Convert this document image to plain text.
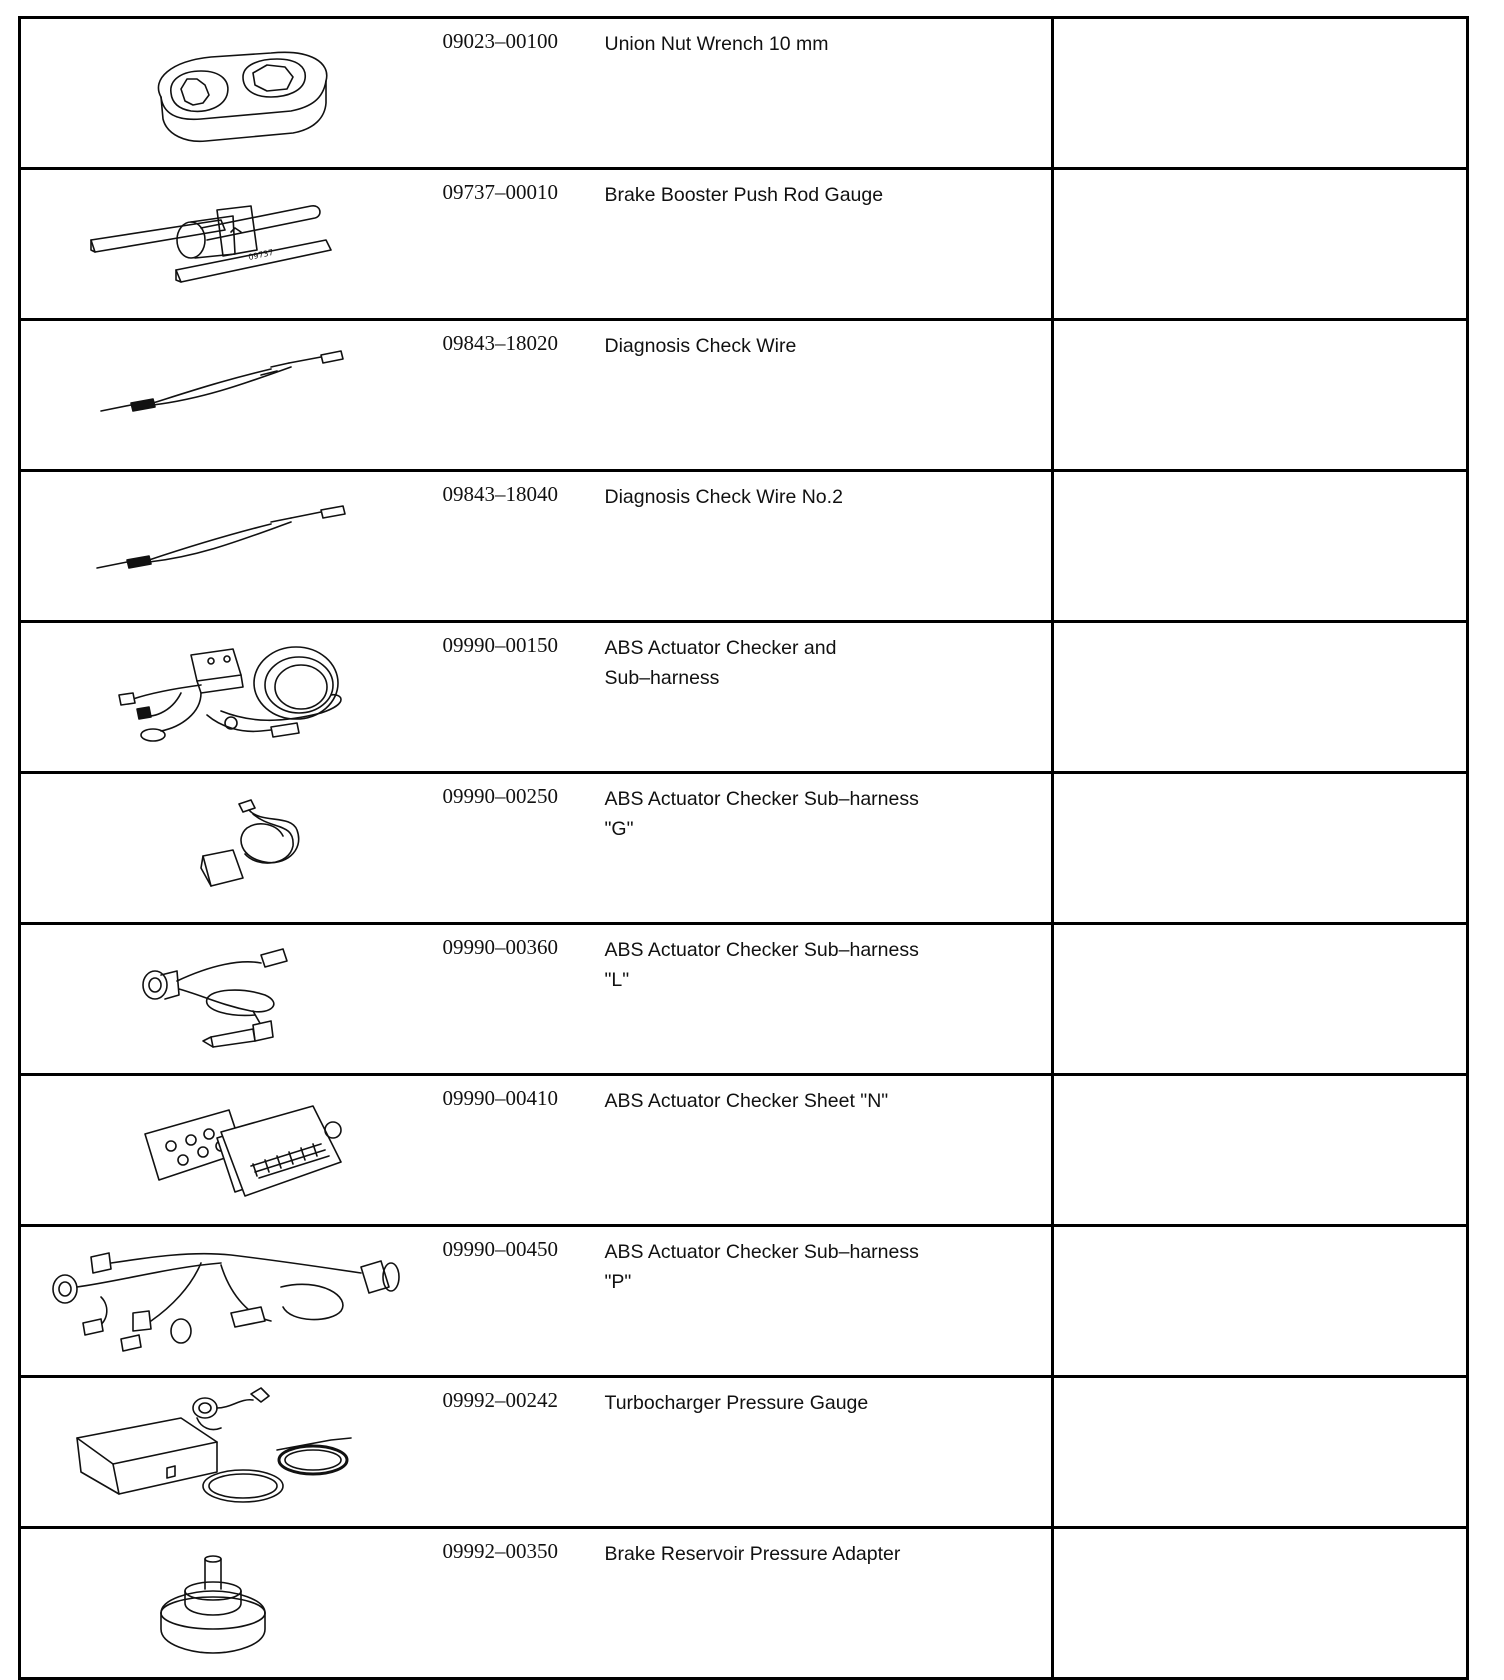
	09023–00100	Union Nut Wrench 10 mm	

09737	09737–00010	Brake Booster Push Rod Gauge	

	09843–18020	Diagnosis Check Wire	

	09843–18040	Diagnosis Check Wire No.2	

	09990–00150	ABS Actuator Checker and
Sub–harness	

	09990–00250	ABS Actuator Checker Sub–harness
"G"	

	09990–00360	ABS Actuator Checker Sub–harness
"L"	

	09990–00410	ABS Actuator Checker Sheet "N"	

	09990–00450	ABS Actuator Checker Sub–harness
"P"	

	09992–00242	Turbocharger Pressure Gauge	

	09992–00350	Brake Reservoir Pressure Adapter	
